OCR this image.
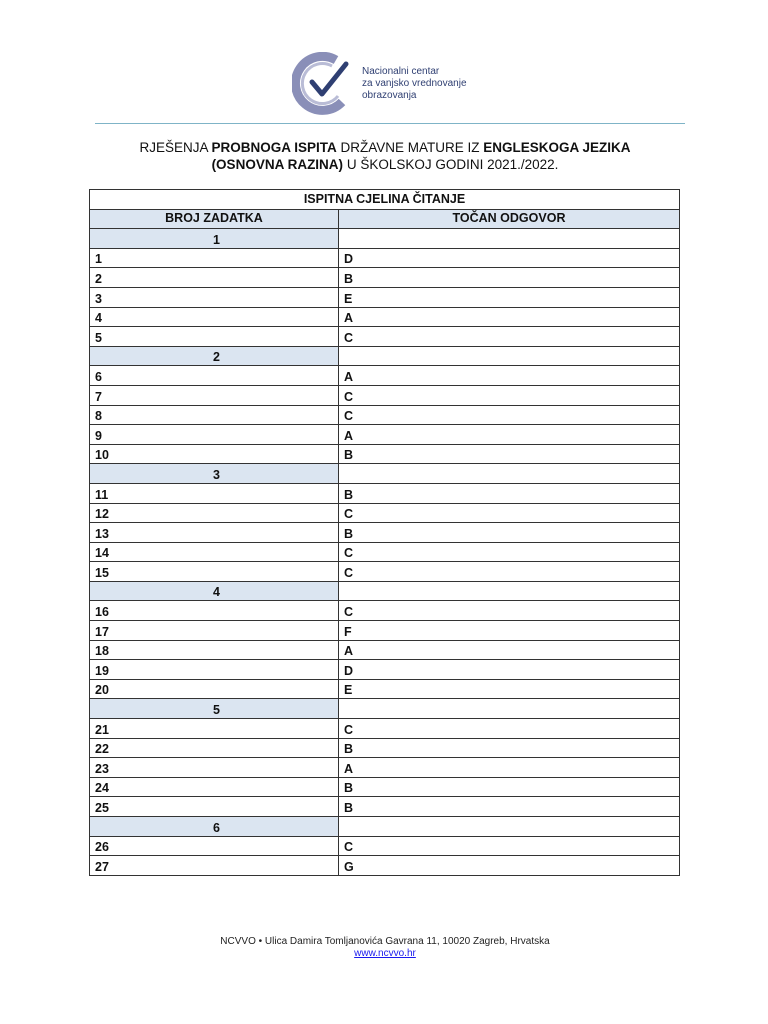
Nacionalni centar
za vanjsko vrednovanje
obrazovanja
RJEŠENJA PROBNOGA ISPITA DRŽAVNE MATURE IZ ENGLESKOGA JEZIKA
(OSNOVNA RAZINA) U ŠKOLSKOJ GODINI 2021./2022.
ISPITNA CJELINA ČITANJE	
BROJ ZADATKA	TOČAN ODGOVOR
1	
1	D
2	B
3	E
4	A
5	C
2	
6	A
7	C
8	C
9	A
10	B
3	
11	B
12	C
13	B
14	C
15	C
4	
16	C
17	F
18	A
19	D
20	E
5	
21	C
22	B
23	A
24	B
25	B
6	
26	C
27	G
NCVVO • Ulica Damira Tomljanovića Gavrana 11, 10020 Zagreb, Hrvatska
www.ncvvo.hr
